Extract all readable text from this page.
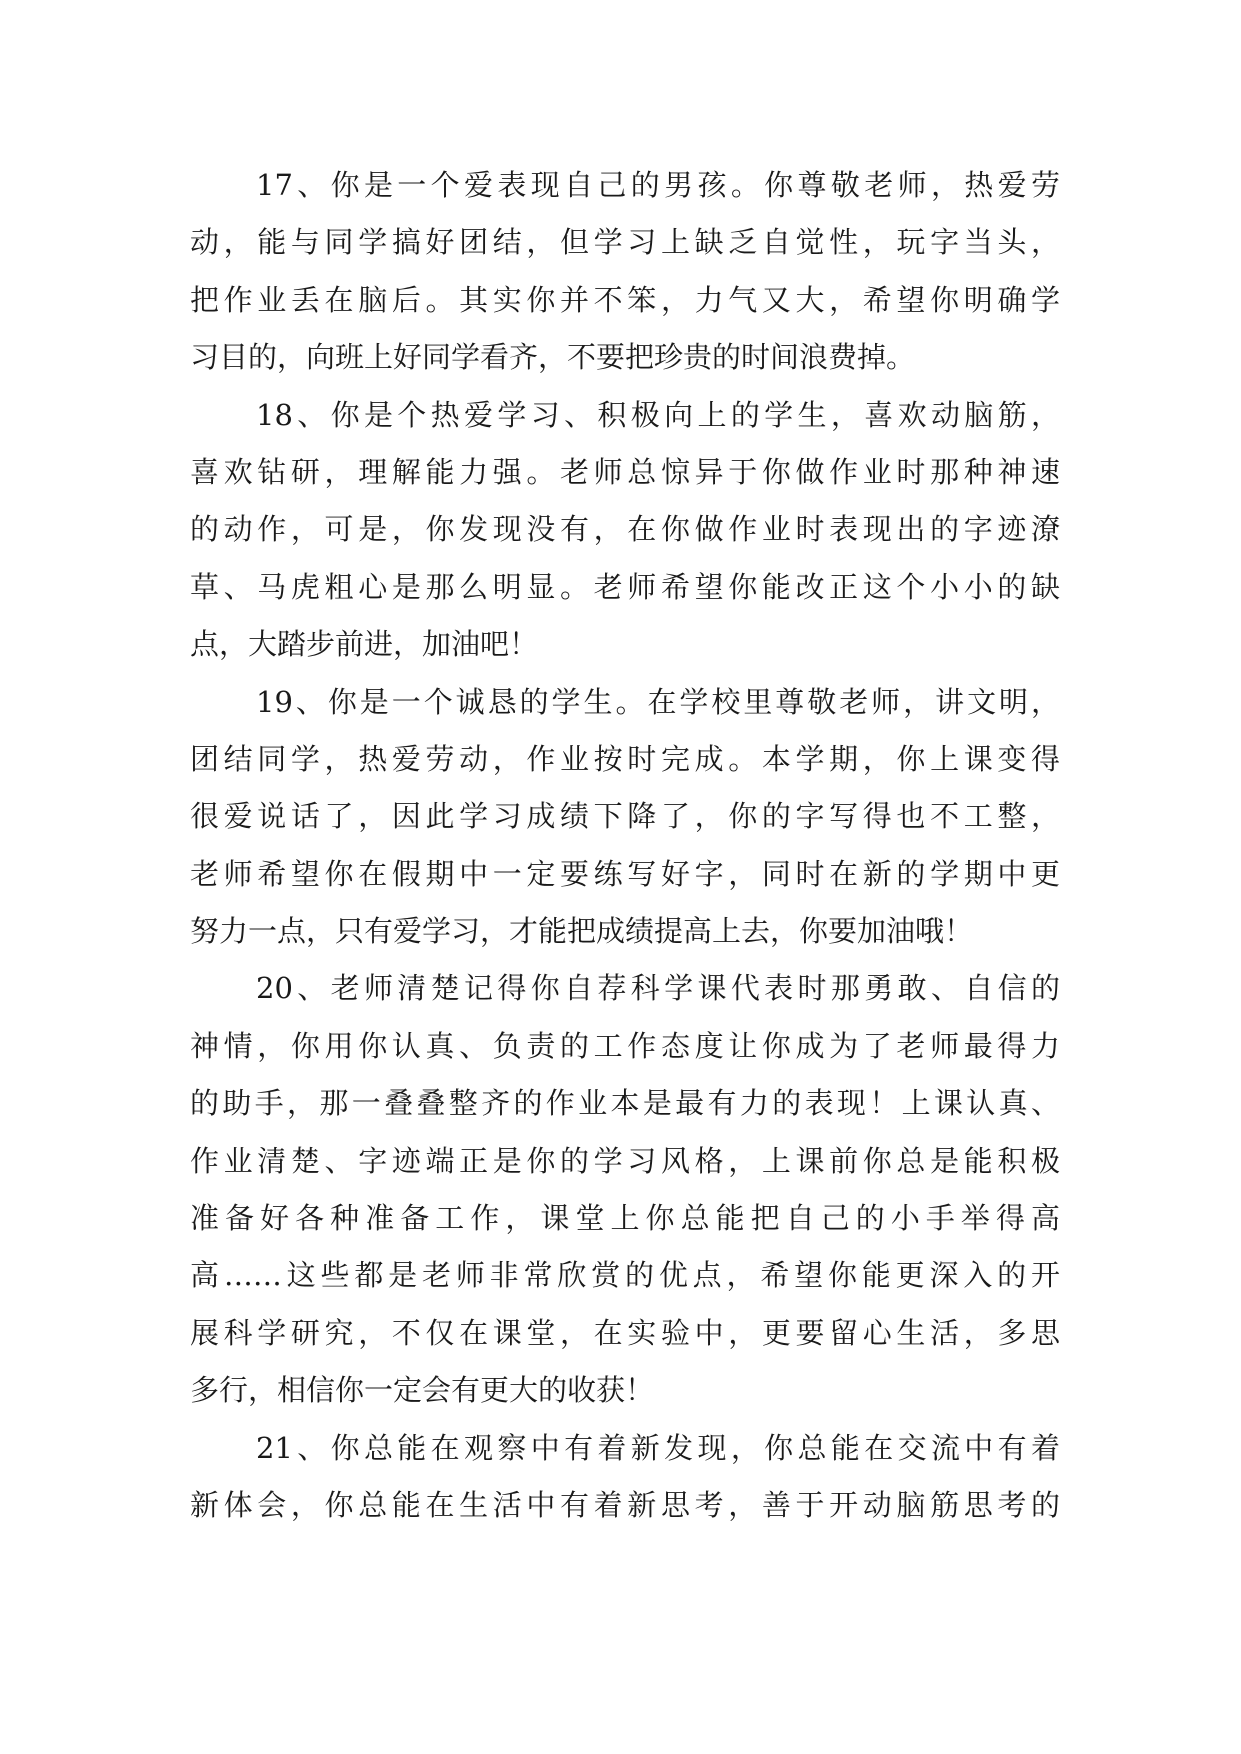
17、你是一个爱表现自己的男孩。你尊敬老师，热爱劳
动，能与同学搞好团结，但学习上缺乏自觉性，玩字当头，
把作业丢在脑后。其实你并不笨，力气又大，希望你明确学
习目的，向班上好同学看齐，不要把珍贵的时间浪费掉。
18、你是个热爱学习、积极向上的学生，喜欢动脑筋，
喜欢钻研，理解能力强。老师总惊异于你做作业时那种神速
的动作，可是，你发现没有，在你做作业时表现出的字迹潦
草、马虎粗心是那么明显。老师希望你能改正这个小小的缺
点，大踏步前进，加油吧！
19、你是一个诚恳的学生。在学校里尊敬老师，讲文明，
团结同学，热爱劳动，作业按时完成。本学期，你上课变得
很爱说话了，因此学习成绩下降了，你的字写得也不工整，
老师希望你在假期中一定要练写好字，同时在新的学期中更
努力一点，只有爱学习，才能把成绩提高上去，你要加油哦！
20、老师清楚记得你自荐科学课代表时那勇敢、自信的
神情，你用你认真、负责的工作态度让你成为了老师最得力
的助手，那一叠叠整齐的作业本是最有力的表现！上课认真、
作业清楚、字迹端正是你的学习风格，上课前你总是能积极
准备好各种准备工作，课堂上你总能把自己的小手举得高
高……这些都是老师非常欣赏的优点，希望你能更深入的开
展科学研究，不仅在课堂，在实验中，更要留心生活，多思
多行，相信你一定会有更大的收获！
21、你总能在观察中有着新发现，你总能在交流中有着
新体会，你总能在生活中有着新思考，善于开动脑筋思考的
